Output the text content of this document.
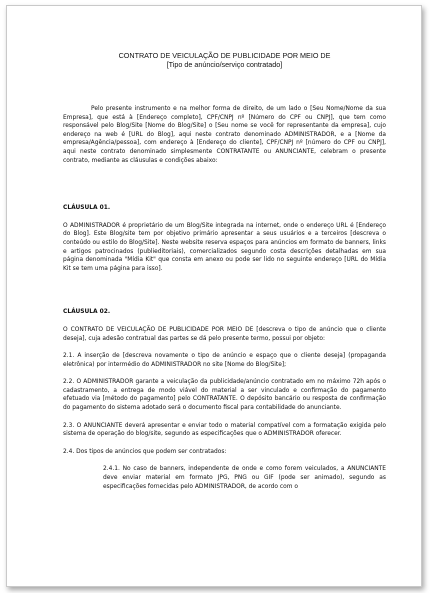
CONTRATO DE VEICULAÇÃO DE PUBLICIDADE POR MEIO DE
[Tipo de anúncio/serviço contratado]

Pelo presente instrumento e na melhor forma de direito, de um lado o [Seu Nome/Nome da sua Empresa], que está à [Endereço completo], CPF/CNPJ nº [Número do CPF ou CNPJ], que tem como responsável pelo Blog/Site [Nome do Blog/Site] o [Seu nome se você for representante da empresa], cujo endereço na web é [URL do Blog], aqui neste contrato denominado ADMINISTRADOR, e a [Nome da empresa/Agência/pessoa], com endereço à [Endereço do cliente], CPF/CNPJ nº [número do CPF ou CNPJ], aqui neste contrato denominado simplesmente CONTRATANTE ou ANUNCIANTE, celebram o presente contrato, mediante as cláusulas e condições abaixo:

CLÁUSULA 01.

O ADMINISTRADOR é proprietário de um Blog/Site integrada na internet, onde o endereço URL é [Endereço do Blog]. Este Blog/site tem por objetivo primário apresentar a seus usuários e a terceiros [descreva o conteúdo ou estilo do Blog/Site]. Neste website reserva espaços para anúncios em formato de banners, links e artigos patrocinados (publieditoriais), comercializados segundo costa descrições detalhadas em sua página denominada "Mídia Kit" que consta em anexo ou pode ser lido no seguinte endereço [URL do Mídia Kit se tem uma página para isso].

CLÁUSULA 02.

O CONTRATO DE VEICULAÇÃO DE PUBLICIDADE POR MEIO DE [descreva o tipo de anúncio que o cliente deseja], cuja adesão contratual das partes se dá pelo presente termo, possui por objeto:

2.1. A inserção de [descreva novamente o tipo de anúncio e espaço que o cliente deseja] (propaganda eletrônica) por intermédio do ADMINISTRADOR no site [Nome do Blog/Site];

2.2. O ADMINISTRADOR garante a veiculação da publicidade/anúncio contratado em no máximo 72h após o cadastramento, a entrega de modo viável do material a ser vinculado e confirmação do pagamento efetuado via [método do pagamento] pelo CONTRATANTE. O depósito bancário ou resposta de confirmação do pagamento do sistema adotado será o documento fiscal para contabilidade do anunciante.

2.3. O ANUNCIANTE deverá apresentar e enviar todo o material compatível com a formatação exigida pelo sistema de operação do blog/site, segundo as especificações que o ADMINISTRADOR oferecer.

2.4. Dos tipos de anúncios que podem ser contratados:

2.4.1. No caso de banners, independente de onde e como forem veiculados, a ANUNCIANTE deve enviar material em formato JPG, PNG ou GIF (pode ser animado), segundo as especificações fornecidas pelo ADMINISTRADOR, de acordo com o
